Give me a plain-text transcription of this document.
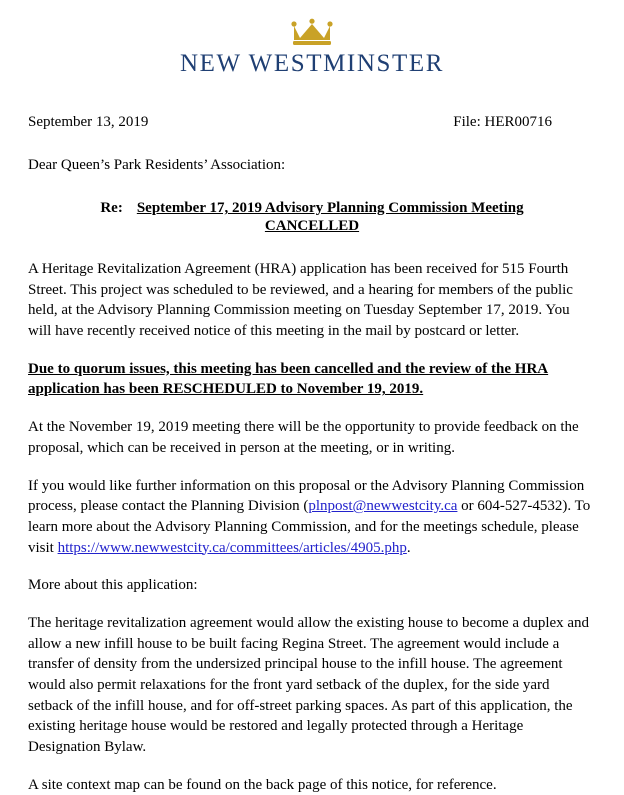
NEW WESTMINSTER
September 13, 2019	File: HER00716
Dear Queen’s Park Residents’ Association:
Re: September 17, 2019 Advisory Planning Commission Meeting
CANCELLED

A Heritage Revitalization Agreement (HRA) application has been received for 515 Fourth Street. This project was scheduled to be reviewed, and a hearing for members of the public held, at the Advisory Planning Commission meeting on Tuesday September 17, 2019. You will have recently received notice of this meeting in the mail by postcard or letter.

Due to quorum issues, this meeting has been cancelled and the review of the HRA application has been RESCHEDULED to November 19, 2019.

At the November 19, 2019 meeting there will be the opportunity to provide feedback on the proposal, which can be received in person at the meeting, or in writing.

If you would like further information on this proposal or the Advisory Planning Commission process, please contact the Planning Division (plnpost@newwestcity.ca or 604-527-4532). To learn more about the Advisory Planning Commission, and for the meetings schedule, please visit https://www.newwestcity.ca/committees/articles/4905.php.

More about this application:

The heritage revitalization agreement would allow the existing house to become a duplex and allow a new infill house to be built facing Regina Street. The agreement would include a transfer of density from the undersized principal house to the infill house. The agreement would also permit relaxations for the front yard setback of the duplex, for the side yard setback of the infill house, and for off-street parking spaces. As part of this application, the existing heritage house would be restored and legally protected through a Heritage Designation Bylaw.

A site context map can be found on the back page of this notice, for reference.
